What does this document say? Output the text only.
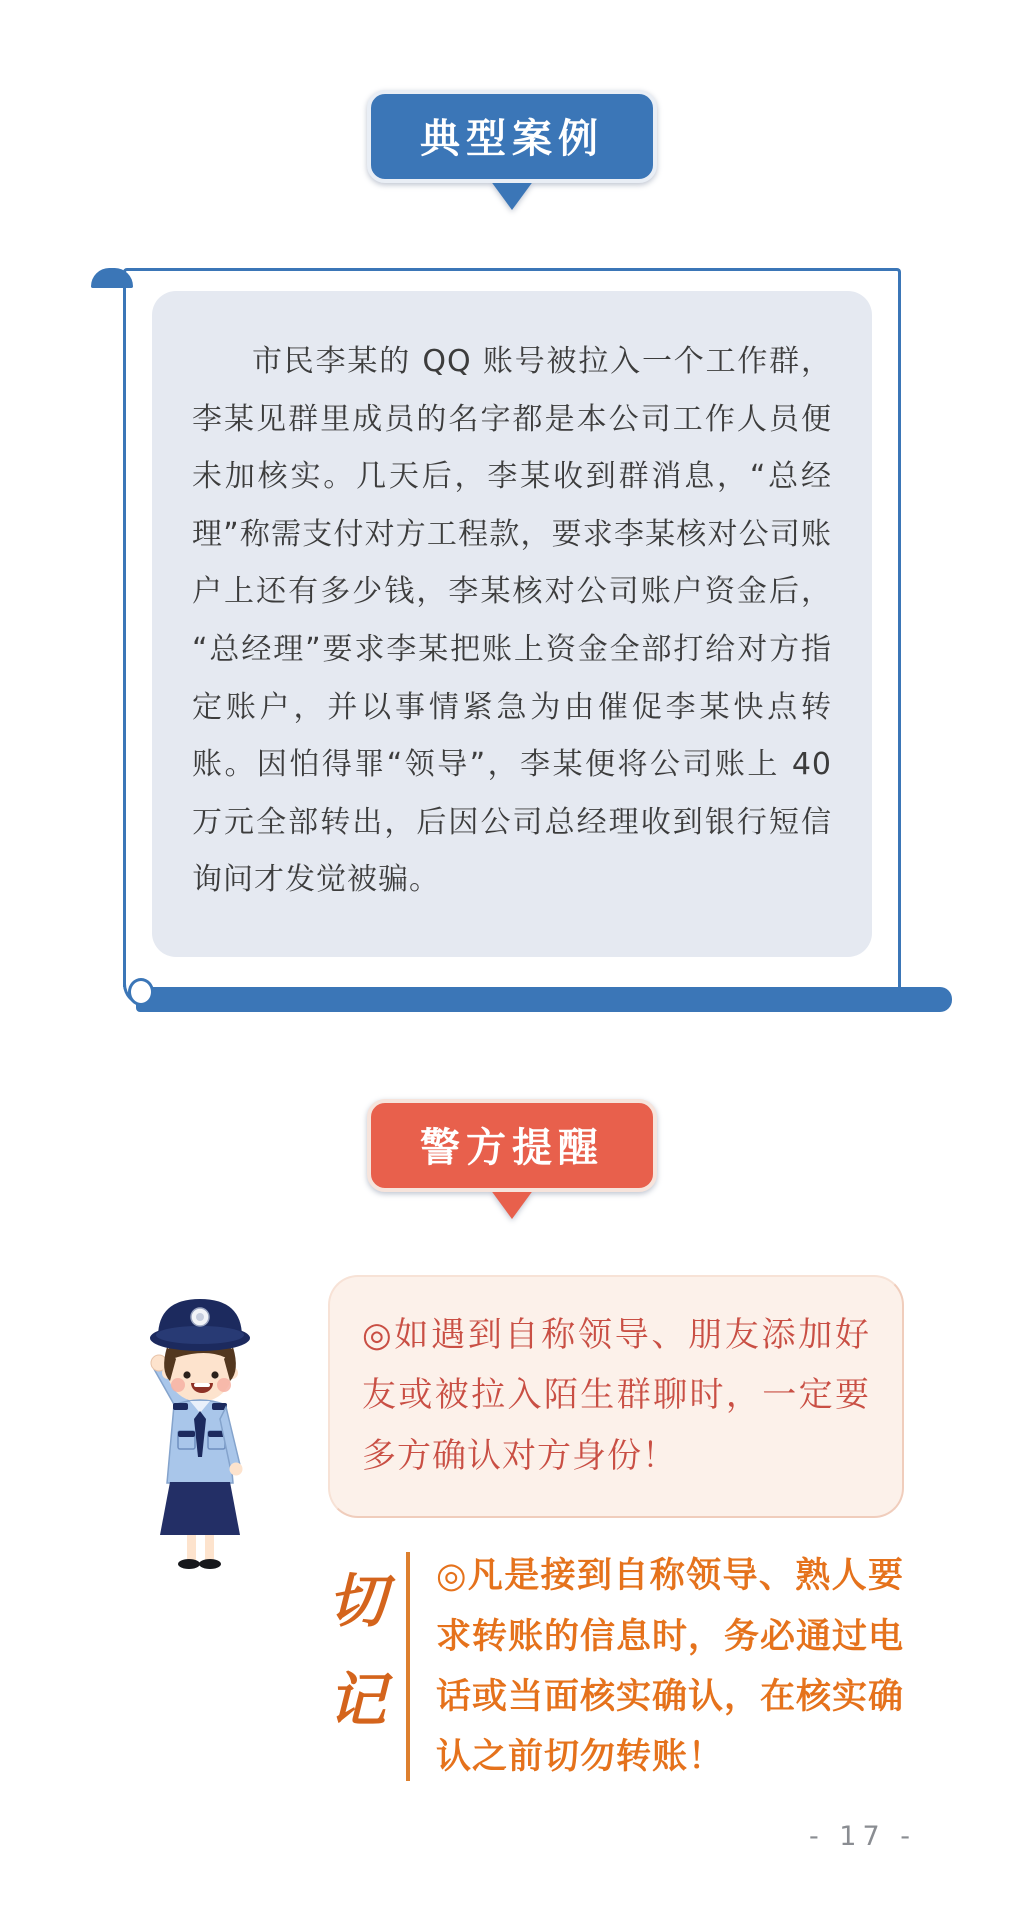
典型案例

市民李某的 QQ 账号被拉入一个工作群，李某见群里成员的名字都是本公司工作人员便未加核实。几天后，李某收到群消息，“总经理”称需支付对方工程款，要求李某核对公司账户上还有多少钱，李某核对公司账户资金后，“总经理”要求李某把账上资金全部打给对方指定账户，并以事情紧急为由催促李某快点转账。因怕得罪“领导”，李某便将公司账上 40 万元全部转出，后因公司总经理收到银行短信询问才发觉被骗。

警方提醒

◎如遇到自称领导、朋友添加好友或被拉入陌生群聊时，一定要多方确认对方身份！

切记

◎凡是接到自称领导、熟人要求转账的信息时，务必通过电话或当面核实确认，在核实确认之前切勿转账！

- 17 -
